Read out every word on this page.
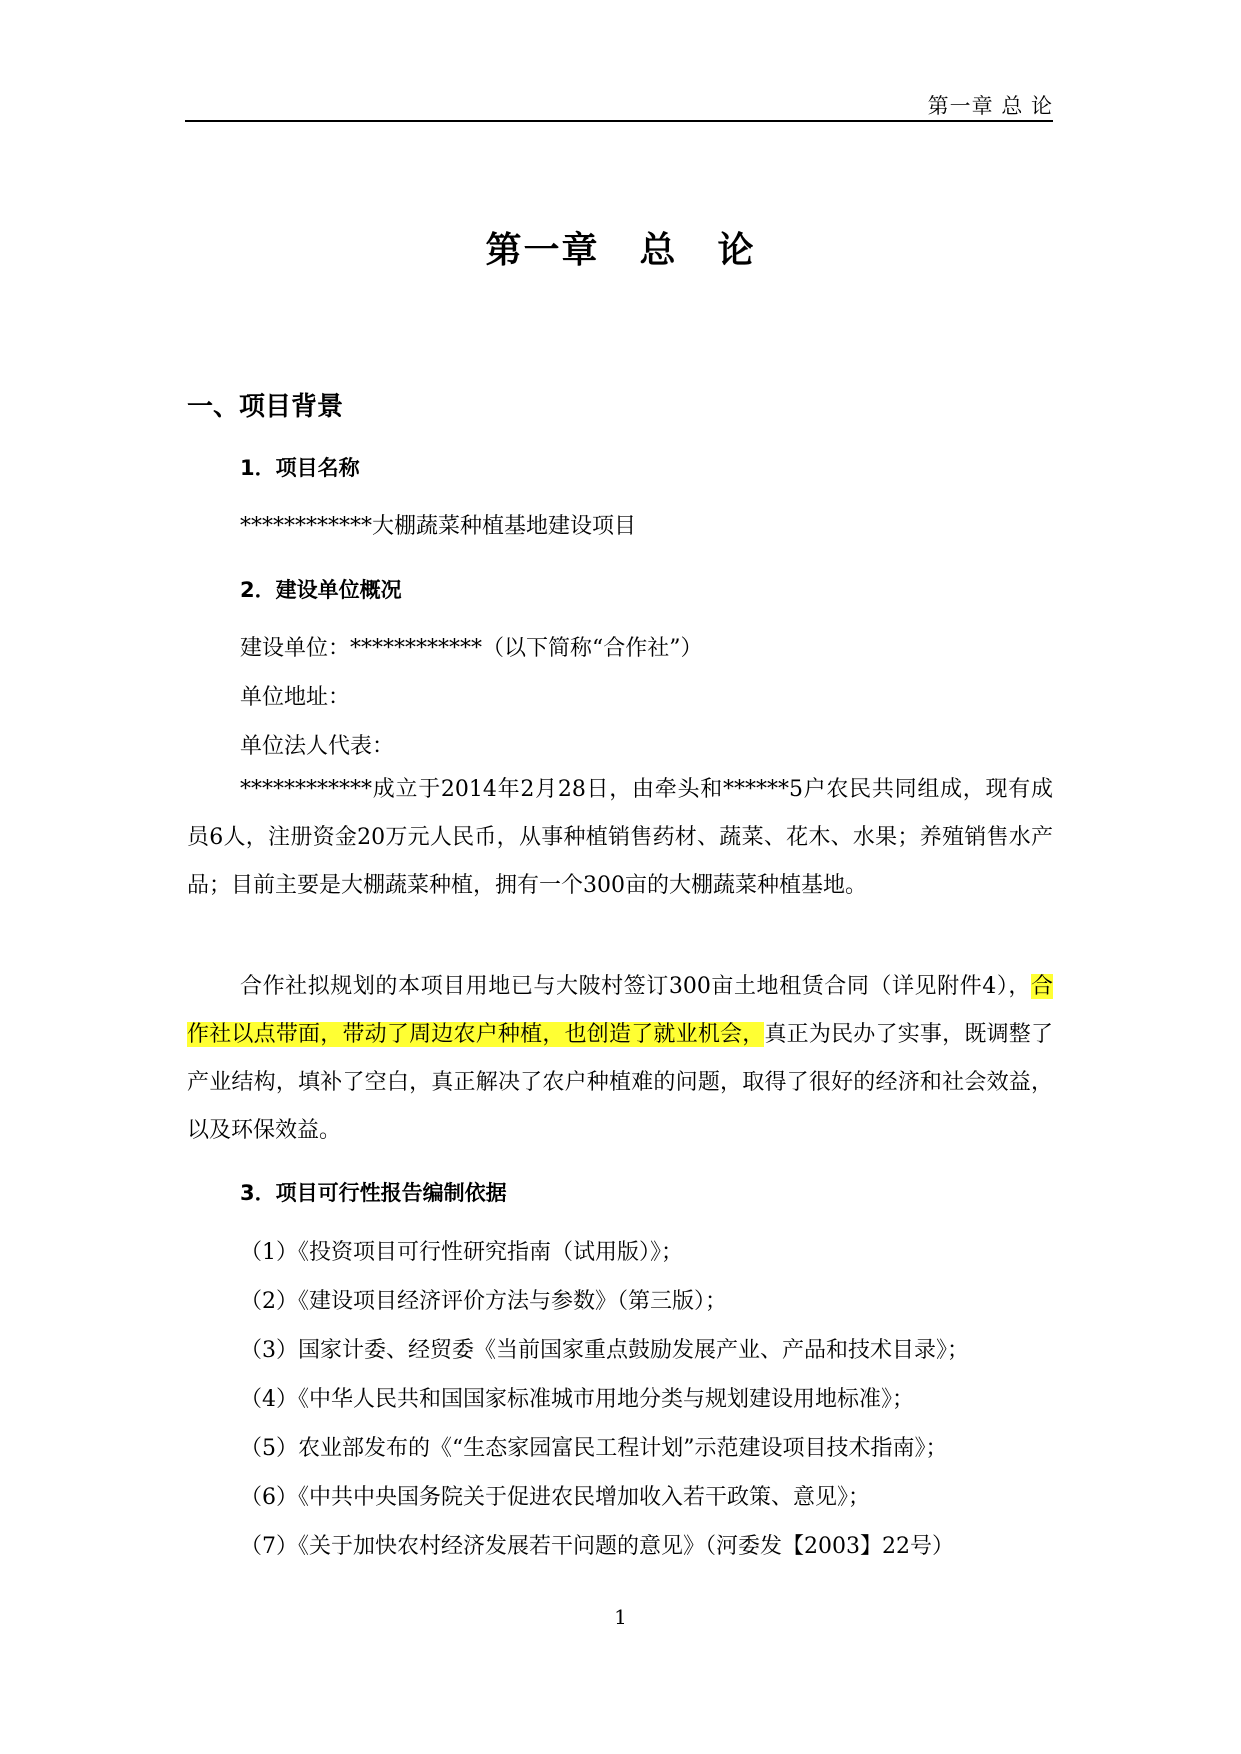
第一章 总 论
第一章 总 论
一、项目背景
1．项目名称
************大棚蔬菜种植基地建设项目
2．建设单位概况
建设单位：************（以下简称“合作社”）
单位地址：
单位法人代表：
************成立于2014年2月28日，由牵头和******5户农民共同组成，现有成员6人，注册资金20万元人民币，从事种植销售药材、蔬菜、花木、水果；养殖销售水产品；目前主要是大棚蔬菜种植，拥有一个300亩的大棚蔬菜种植基地。
合作社拟规划的本项目用地已与大陂村签订300亩土地租赁合同（详见附件4），合作社以点带面，带动了周边农户种植，也创造了就业机会，真正为民办了实事，既调整了产业结构，填补了空白，真正解决了农户种植难的问题，取得了很好的经济和社会效益，以及环保效益。
3．项目可行性报告编制依据
（1）《投资项目可行性研究指南（试用版）》；
（2）《建设项目经济评价方法与参数》（第三版）；
（3）国家计委、经贸委《当前国家重点鼓励发展产业、产品和技术目录》；
（4）《中华人民共和国国家标准城市用地分类与规划建设用地标准》；
（5）农业部发布的《“生态家园富民工程计划”示范建设项目技术指南》；
（6）《中共中央国务院关于促进农民增加收入若干政策、意见》；
（7）《关于加快农村经济发展若干问题的意见》（河委发【2003】22号）
1
